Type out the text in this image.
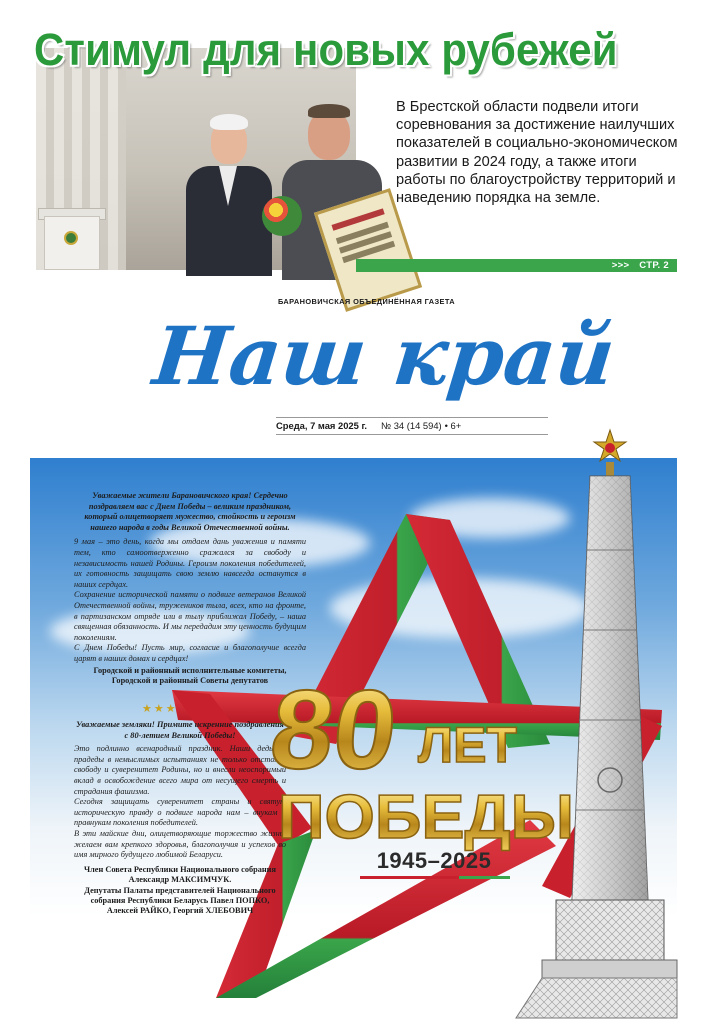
Стимул для новых рубежей

В Брестской области подвели итоги соревнования за достижение наилучших показателей в социально-экономическом развитии в 2024 году, а также итоги работы по благоустройству территорий и наведению порядка на земле.

>>> СТР. 2
БАРАНОВИЧСКАЯ ОБЪЕДИНЁННАЯ ГАЗЕТА
Наш край
Среда, 7 мая 2025 г. № 34 (14 594) • 6+

Уважаемые жители Барановичского края! Сердечно поздравляем вас с Днем Победы – великим праздником, который олицетворяет мужество, стойкость и героизм нашего народа в годы Великой Отечественной войны.

9 мая – это день, когда мы отдаем дань уважения и памяти тем, кто самоотверженно сражался за свободу и независимость нашей Родины. Героизм поколения победителей, их готовность защищать свою землю навсегда останутся в наших сердцах.

Сохранение исторической памяти о подвиге ветеранов Великой Отечественной войны, тружеников тыла, всех, кто на фронте, в партизанском отряде или в тылу приближал Победу, – наша священная обязанность. И мы передадим эту ценность будущим поколениям.

С Днем Победы! Пусть мир, согласие и благополучие всегда царят в наших домах и сердцах!

Городской и районный исполнительные комитеты, Городской и районный Советы депутатов

★★★

Уважаемые земляки! Примите искренние поздравления с 80-летием Великой Победы!

Это подлинно всенародный праздник. Наши деды и прадеды в немыслимых испытаниях не только отстояли свободу и суверенитет Родины, но и внесли неоспоримый вклад в освобождение всего мира от несущего смерть и страдания фашизма.

Сегодня защищать суверенитет страны и святую историческую правду о подвиге народа нам – внукам и правнукам поколения победителей.

В эти майские дни, олицетворяющие торжество жизни, желаем вам крепкого здоровья, благополучия и успехов во имя мирного будущего любимой Беларуси.

Член Совета Республики Национального собрания Александр МАКСИМЧУК.

Депутаты Палаты представителей Национального собрания Республики Беларусь Павел ПОПКО, Алексей РАЙКО, Георгий ХЛЕБОВИЧ

80 ЛЕТ
ПОБЕДЫ
1945–2025
